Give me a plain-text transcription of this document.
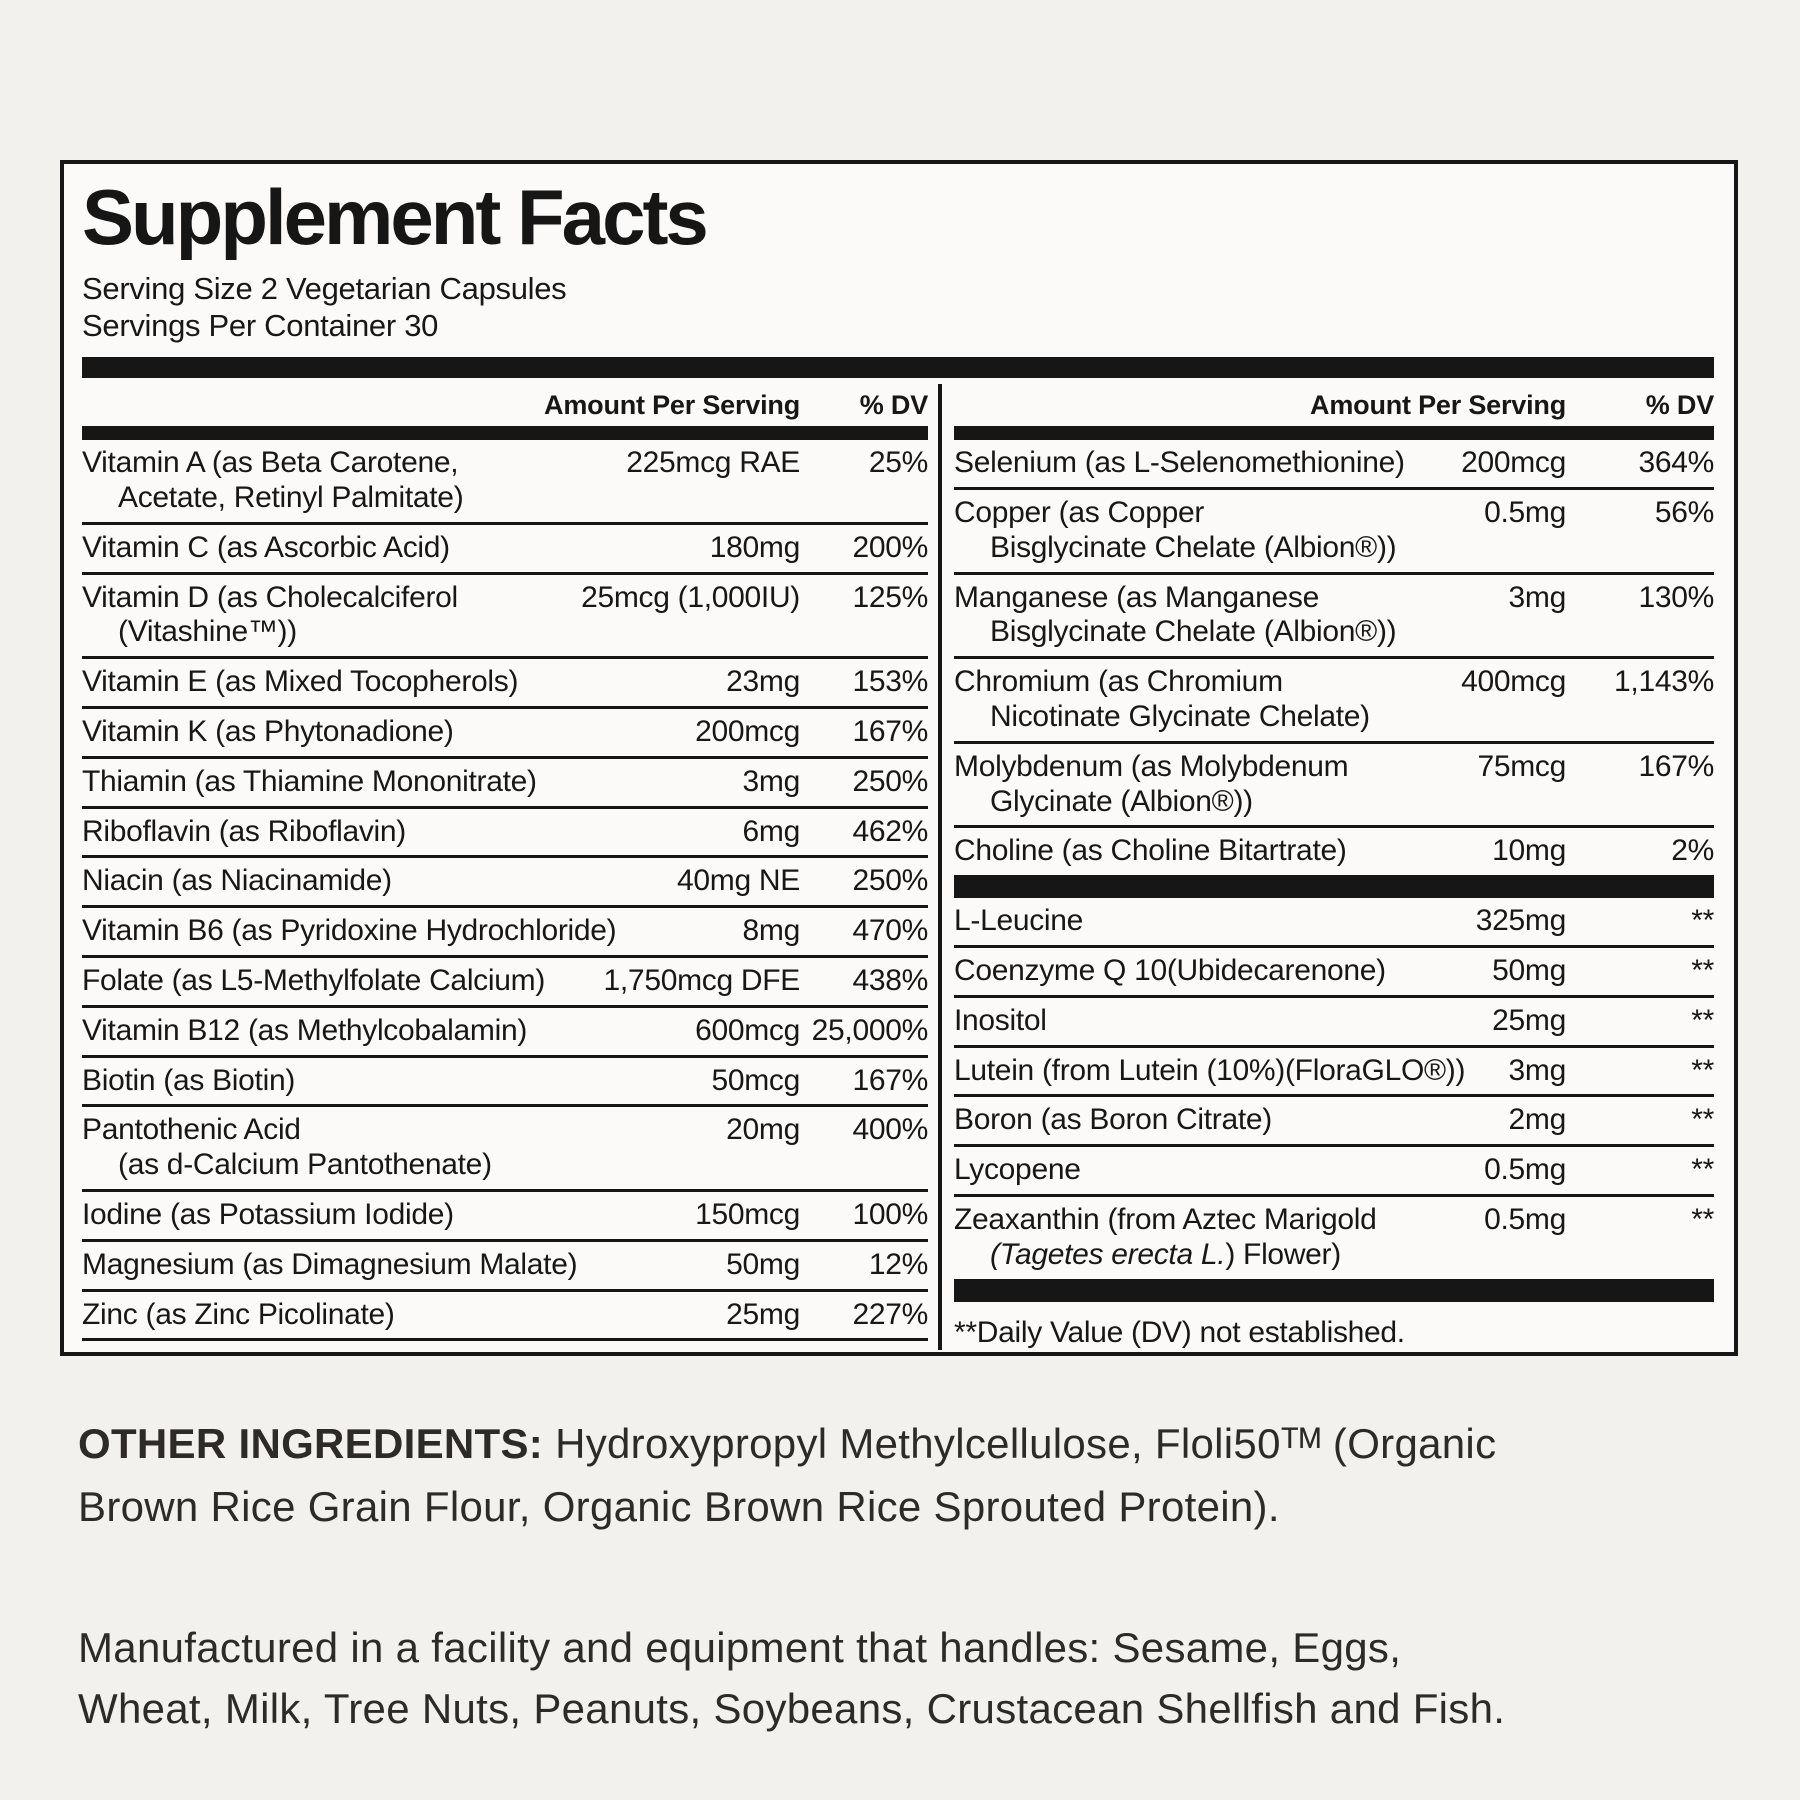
Supplement Facts
Serving Size 2 Vegetarian Capsules
Servings Per Container 30
Amount Per Serving	% DV
Vitamin A (as Beta Carotene,
Acetate, Retinyl Palmitate)
225mcg RAE	25%
Vitamin C (as Ascorbic Acid)	180mg	200%
Vitamin D (as Cholecalciferol
(Vitashine™))
25mcg (1,000IU)	125%
Vitamin E (as Mixed Tocopherols)	23mg	153%
Vitamin K (as Phytonadione)	200mcg	167%
Thiamin (as Thiamine Mononitrate)	3mg	250%
Riboflavin (as Riboflavin)	6mg	462%
Niacin (as Niacinamide)	40mg NE	250%
Vitamin B6 (as Pyridoxine Hydrochloride)	8mg	470%
Folate (as L5-Methylfolate Calcium)	1,750mcg DFE	438%
Vitamin B12 (as Methylcobalamin)	600mcg 25,000%
Biotin (as Biotin)	50mcg	167%
Pantothenic Acid
(as d-Calcium Pantothenate)
20mg	400%
Iodine (as Potassium Iodide)	150mcg	100%
Magnesium (as Dimagnesium Malate)	50mg	12%
Zinc (as Zinc Picolinate)	25mg	227%
Amount Per Serving	% DV
Selenium (as L-Selenomethionine)	200mcg	364%
Copper (as Copper
Bisglycinate Chelate (Albion®))
0.5mg	56%
Manganese (as Manganese
Bisglycinate Chelate (Albion®))
3mg	130%
Chromium (as Chromium
Nicotinate Glycinate Chelate)
400mcg	1,143%
Molybdenum (as Molybdenum
Glycinate (Albion®))
75mcg	167%
Choline (as Choline Bitartrate)	10mg	2%
L-Leucine	325mg	**
Coenzyme Q 10(Ubidecarenone)	50mg	**
Inositol	25mg	**
Lutein (from Lutein (10%)(FloraGLO®))	3mg	**
Boron (as Boron Citrate)	2mg	**
Lycopene	0.5mg	**
Zeaxanthin (from Aztec Marigold
(Tagetes erecta L.) Flower)
0.5mg	**
**Daily Value (DV) not established.

OTHER INGREDIENTS: Hydroxypropyl Methylcellulose, Floli50ᵀᴹ (Organic
Brown Rice Grain Flour, Organic Brown Rice Sprouted Protein).

Manufactured in a facility and equipment that handles: Sesame, Eggs,
Wheat, Milk, Tree Nuts, Peanuts, Soybeans, Crustacean Shellfish and Fish.
